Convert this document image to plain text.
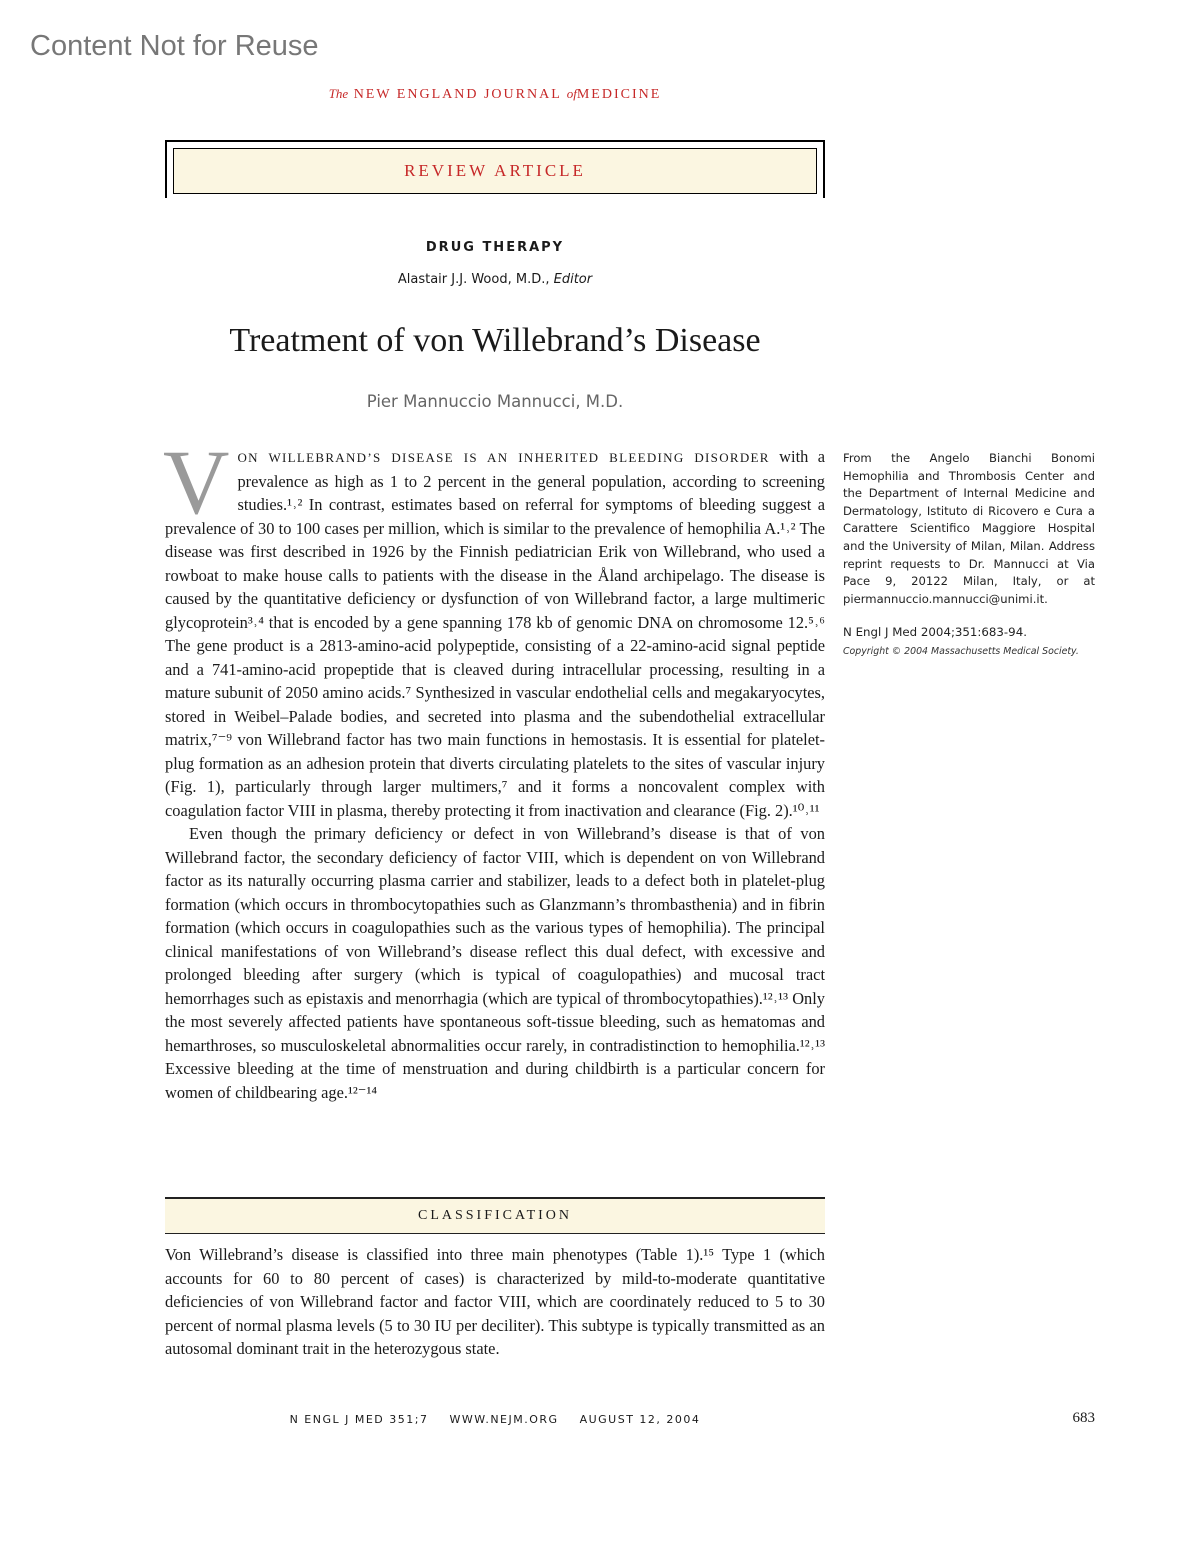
Content Not for Reuse
The NEW ENGLAND JOURNAL ofMEDICINE
REVIEW ARTICLE
DRUG THERAPY
Alastair J.J. Wood, M.D., Editor
Treatment of von Willebrand’s Disease
Pier Mannuccio Mannucci, M.D.

VON WILLEBRAND’S DISEASE IS AN INHERITED BLEEDING DISORDER with a prevalence as high as 1 to 2 percent in the general population, according to screening studies.¹˒² In contrast, estimates based on referral for symptoms of bleeding suggest a prevalence of 30 to 100 cases per million, which is similar to the prevalence of hemophilia A.¹˒² The disease was first described in 1926 by the Finnish pediatrician Erik von Willebrand, who used a rowboat to make house calls to patients with the disease in the Åland archipelago. The disease is caused by the quantitative deficiency or dysfunction of von Willebrand factor, a large multimeric glycoprotein³˒⁴ that is encoded by a gene spanning 178 kb of genomic DNA on chromosome 12.⁵˒⁶ The gene product is a 2813-amino-acid polypeptide, consisting of a 22-amino-acid signal peptide and a 741-amino-acid propeptide that is cleaved during intracellular processing, resulting in a mature subunit of 2050 amino acids.⁷ Synthesized in vascular endothelial cells and megakaryocytes, stored in Weibel–Palade bodies, and secreted into plasma and the subendothelial extracellular matrix,⁷⁻⁹ von Willebrand factor has two main functions in hemostasis. It is essential for platelet-plug formation as an adhesion protein that diverts circulating platelets to the sites of vascular injury (Fig. 1), particularly through larger multimers,⁷ and it forms a noncovalent complex with coagulation factor VIII in plasma, thereby protecting it from inactivation and clearance (Fig. 2).¹⁰˒¹¹

Even though the primary deficiency or defect in von Willebrand’s disease is that of von Willebrand factor, the secondary deficiency of factor VIII, which is dependent on von Willebrand factor as its naturally occurring plasma carrier and stabilizer, leads to a defect both in platelet-plug formation (which occurs in thrombocytopathies such as Glanzmann’s thrombasthenia) and in fibrin formation (which occurs in coagulopathies such as the various types of hemophilia). The principal clinical manifestations of von Willebrand’s disease reflect this dual defect, with excessive and prolonged bleeding after surgery (which is typical of coagulopathies) and mucosal tract hemorrhages such as epistaxis and menorrhagia (which are typical of thrombocytopathies).¹²˒¹³ Only the most severely affected patients have spontaneous soft-tissue bleeding, such as hematomas and hemarthroses, so musculoskeletal abnormalities occur rarely, in contradistinction to hemophilia.¹²˒¹³ Excessive bleeding at the time of menstruation and during childbirth is a particular concern for women of childbearing age.¹²⁻¹⁴

CLASSIFICATION

Von Willebrand’s disease is classified into three main phenotypes (Table 1).¹⁵ Type 1 (which accounts for 60 to 80 percent of cases) is characterized by mild-to-moderate quantitative deficiencies of von Willebrand factor and factor VIII, which are coordinately reduced to 5 to 30 percent of normal plasma levels (5 to 30 IU per deciliter). This subtype is typically transmitted as an autosomal dominant trait in the heterozygous state.

From the Angelo Bianchi Bonomi Hemophilia and Thrombosis Center and the Department of Internal Medicine and Dermatology, Istituto di Ricovero e Cura a Carattere Scientifico Maggiore Hospital and the University of Milan, Milan. Address reprint requests to Dr. Mannucci at Via Pace 9, 20122 Milan, Italy, or at piermannuccio.mannucci@unimi.it.
N Engl J Med 2004;351:683-94.
Copyright © 2004 Massachusetts Medical Society.
N ENGL J MED 351;7 WWW.NEJM.ORG AUGUST 12, 2004	683
